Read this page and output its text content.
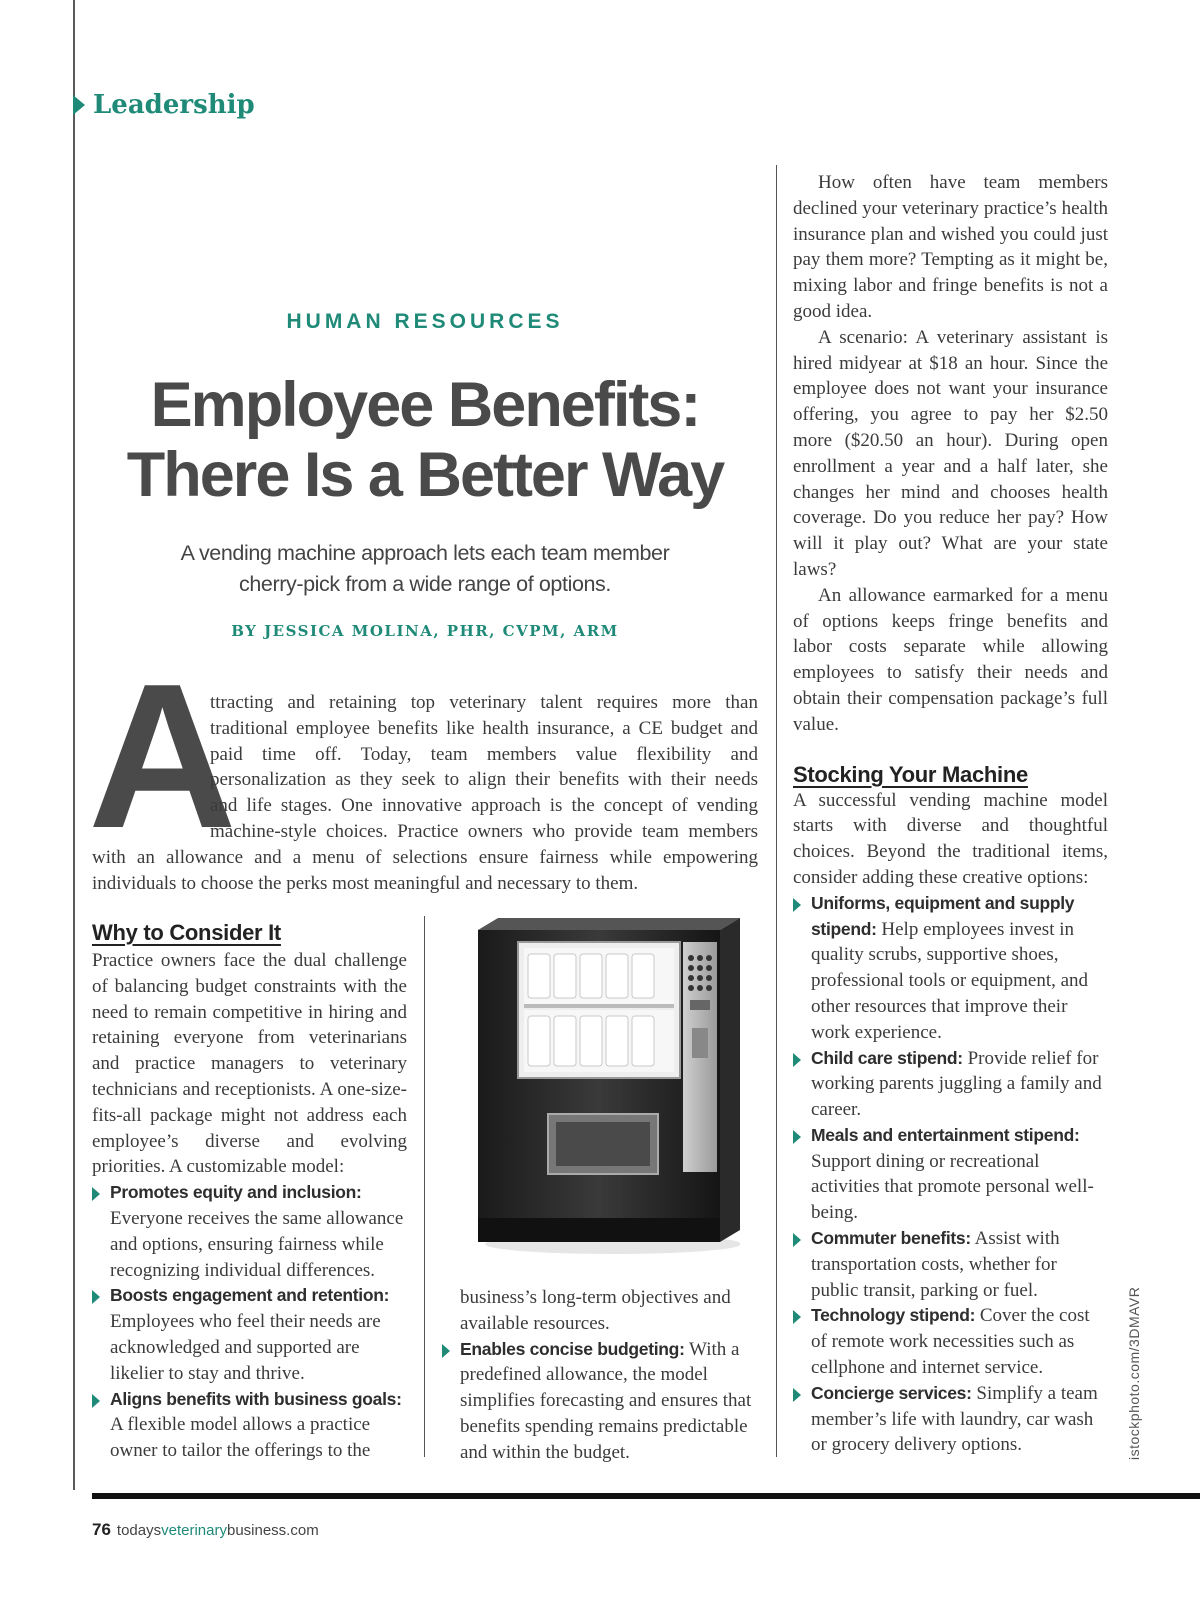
Leadership
HUMAN RESOURCES
Employee Benefits:
There Is a Better Way
A vending machine approach lets each team member
cherry-pick from a wide range of options.
BY JESSICA MOLINA, PHR, CVPM, ARM
A
ttracting and retaining top veterinary talent requires more than
traditional employee benefits like health insurance, a CE budget and
paid time off. Today, team members value flexibility and
personalization as they seek to align their benefits with their needs
and life stages. One innovative approach is the concept of vending
machine-style choices. Practice owners who provide team members
with an allowance and a menu of selections ensure fairness while empowering
individuals to choose the perks most meaningful and necessary to them.
Why to Consider It

Practice owners face the dual challenge of balancing budget constraints with the need to remain competitive in hiring and retaining everyone from veterinarians and practice managers to veterinary technicians and receptionists. A one-size-fits-all package might not address each employee’s diverse and evolving priorities. A customizable model:

Promotes equity and inclusion:
Everyone receives the same allowance and options, ensuring fairness while recognizing individual differences.
Boosts engagement and retention:
Employees who feel their needs are acknowledged and supported are likelier to stay and thrive.
Aligns benefits with business goals:
A flexible model allows a practice owner to tailor the offerings to the

business’s long-term objectives and available resources.

Enables concise budgeting: With a predefined allowance, the model simplifies forecasting and ensures that benefits spending remains predictable and within the budget.

How often have team members declined your veterinary practice’s health insurance plan and wished you could just pay them more? Tempting as it might be, mixing labor and fringe benefits is not a good idea.

A scenario: A veterinary assistant is hired midyear at $18 an hour. Since the employee does not want your insurance offering, you agree to pay her $2.50 more ($20.50 an hour). During open enrollment a year and a half later, she changes her mind and chooses health coverage. Do you reduce her pay? How will it play out? What are your state laws?

An allowance earmarked for a menu of options keeps fringe benefits and labor costs separate while allowing employees to satisfy their needs and obtain their compensation package’s full value.

Stocking Your Machine

A successful vending machine model starts with diverse and thoughtful choices. Beyond the traditional items, consider adding these creative options:

Uniforms, equipment and supply stipend: Help employees invest in quality scrubs, supportive shoes, professional tools or equipment, and other resources that improve their work experience.
Child care stipend: Provide relief for working parents juggling a family and career.
Meals and entertainment stipend: Support dining or recreational activities that promote personal well-being.
Commuter benefits: Assist with transportation costs, whether for public transit, parking or fuel.
Technology stipend: Cover the cost of remote work necessities such as cellphone and internet service.
Concierge services: Simplify a team member’s life with laundry, car wash or grocery delivery options.	istockphoto.com/3DMAVR
76 todaysveterinarybusiness.com
